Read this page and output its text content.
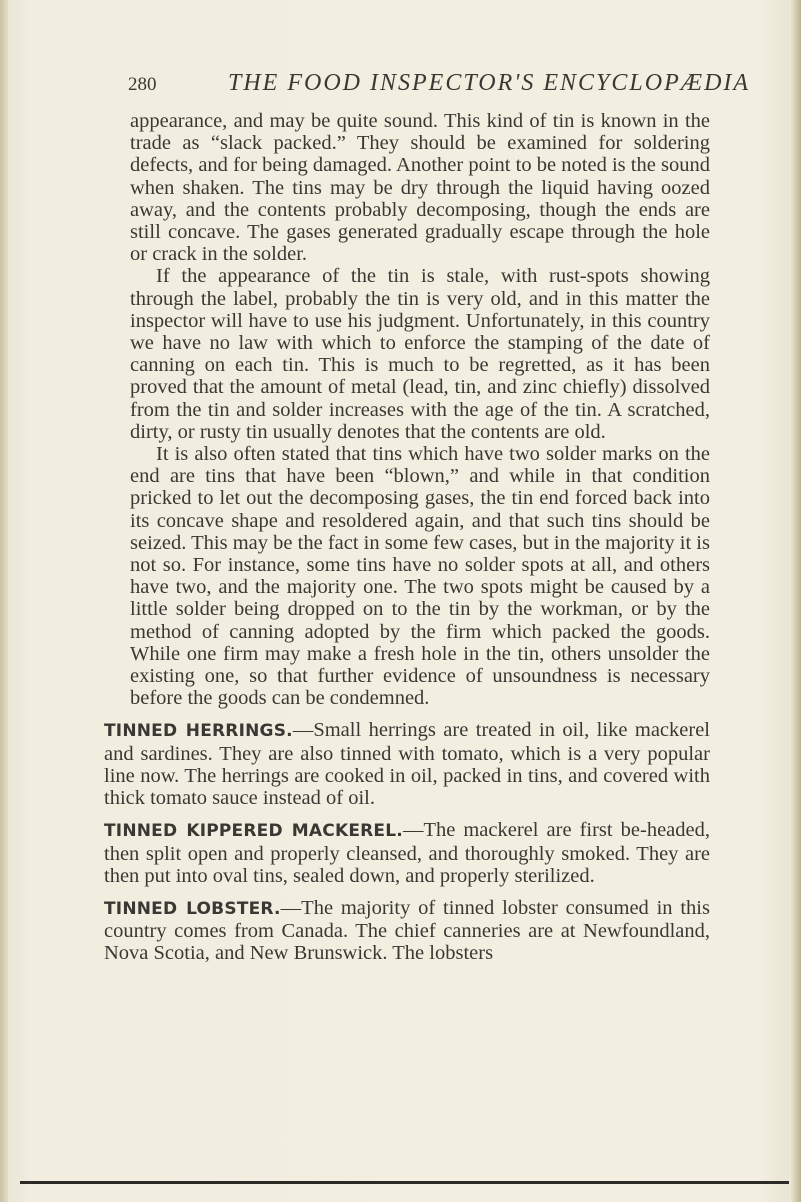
280	THE FOOD INSPECTOR'S ENCYCLOPÆDIA

appearance, and may be quite sound. This kind of tin is known in the trade as “slack packed.” They should be examined for soldering defects, and for being damaged. Another point to be noted is the sound when shaken. The tins may be dry through the liquid having oozed away, and the contents probably decomposing, though the ends are still concave. The gases generated gradually escape through the hole or crack in the solder.

If the appearance of the tin is stale, with rust-spots showing through the label, probably the tin is very old, and in this matter the inspector will have to use his judgment. Unfortunately, in this country we have no law with which to enforce the stamping of the date of canning on each tin. This is much to be regretted, as it has been proved that the amount of metal (lead, tin, and zinc chiefly) dissolved from the tin and solder increases with the age of the tin. A scratched, dirty, or rusty tin usually denotes that the contents are old.

It is also often stated that tins which have two solder marks on the end are tins that have been “blown,” and while in that condition pricked to let out the decomposing gases, the tin end forced back into its concave shape and resoldered again, and that such tins should be seized. This may be the fact in some few cases, but in the majority it is not so. For instance, some tins have no solder spots at all, and others have two, and the majority one. The two spots might be caused by a little solder being dropped on to the tin by the workman, or by the method of canning adopted by the firm which packed the goods. While one firm may make a fresh hole in the tin, others unsolder the existing one, so that further evidence of unsoundness is necessary before the goods can be condemned.

TINNED HERRINGS.—Small herrings are treated in oil, like mackerel and sardines. They are also tinned with tomato, which is a very popular line now. The herrings are cooked in oil, packed in tins, and covered with thick tomato sauce instead of oil.

TINNED KIPPERED MACKEREL.—The mackerel are first be-headed, then split open and properly cleansed, and thoroughly smoked. They are then put into oval tins, sealed down, and properly sterilized.

TINNED LOBSTER.—The majority of tinned lobster consumed in this country comes from Canada. The chief canneries are at Newfoundland, Nova Scotia, and New Brunswick. The lobsters
